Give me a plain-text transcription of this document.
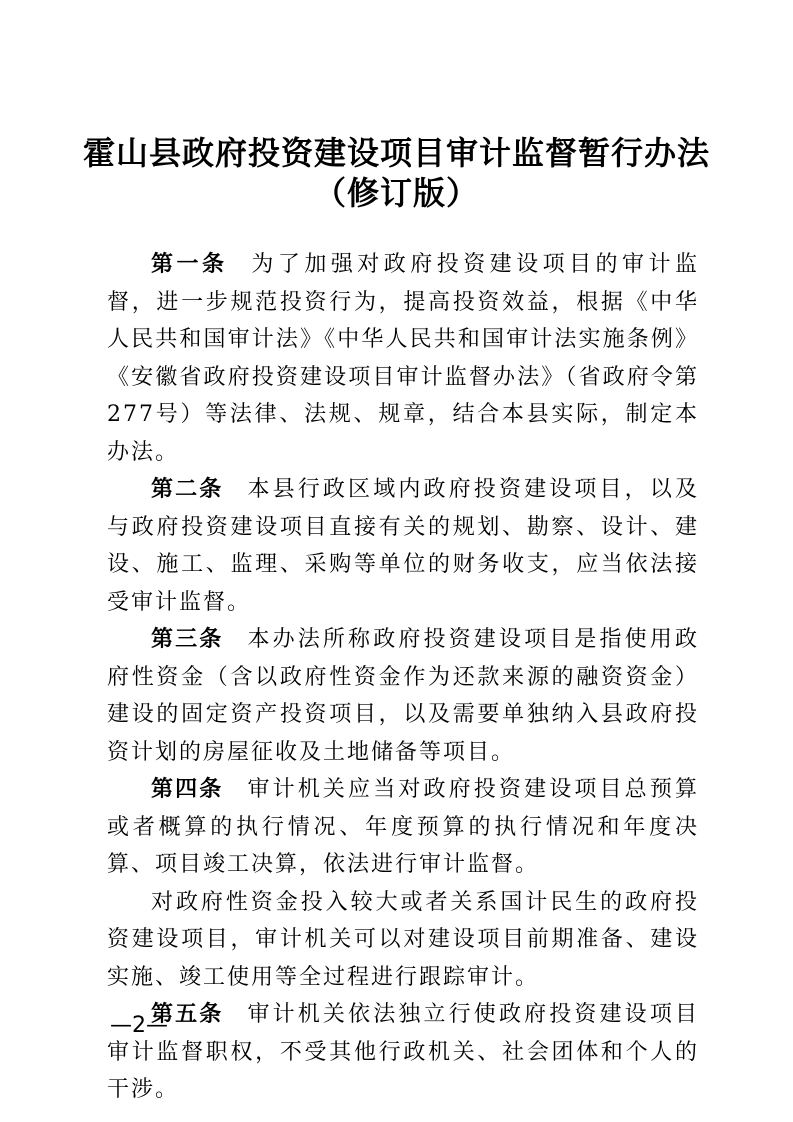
霍山县政府投资建设项目审计监督暂行办法
（修订版）

第一条 为了加强对政府投资建设项目的审计监督，进一步规范投资行为，提高投资效益，根据《中华人民共和国审计法》《中华人民共和国审计法实施条例》《安徽省政府投资建设项目审计监督办法》（省政府令第277号）等法律、法规、规章，结合本县实际，制定本办法。

第二条 本县行政区域内政府投资建设项目，以及与政府投资建设项目直接有关的规划、勘察、设计、建设、施工、监理、采购等单位的财务收支，应当依法接受审计监督。

第三条 本办法所称政府投资建设项目是指使用政府性资金（含以政府性资金作为还款来源的融资资金）建设的固定资产投资项目，以及需要单独纳入县政府投资计划的房屋征收及土地储备等项目。

第四条 审计机关应当对政府投资建设项目总预算或者概算的执行情况、年度预算的执行情况和年度决算、项目竣工决算，依法进行审计监督。

对政府性资金投入较大或者关系国计民生的政府投资建设项目，审计机关可以对建设项目前期准备、建设实施、竣工使用等全过程进行跟踪审计。

第五条 审计机关依法独立行使政府投资建设项目审计监督职权，不受其他行政机关、社会团体和个人的干涉。

—2—
